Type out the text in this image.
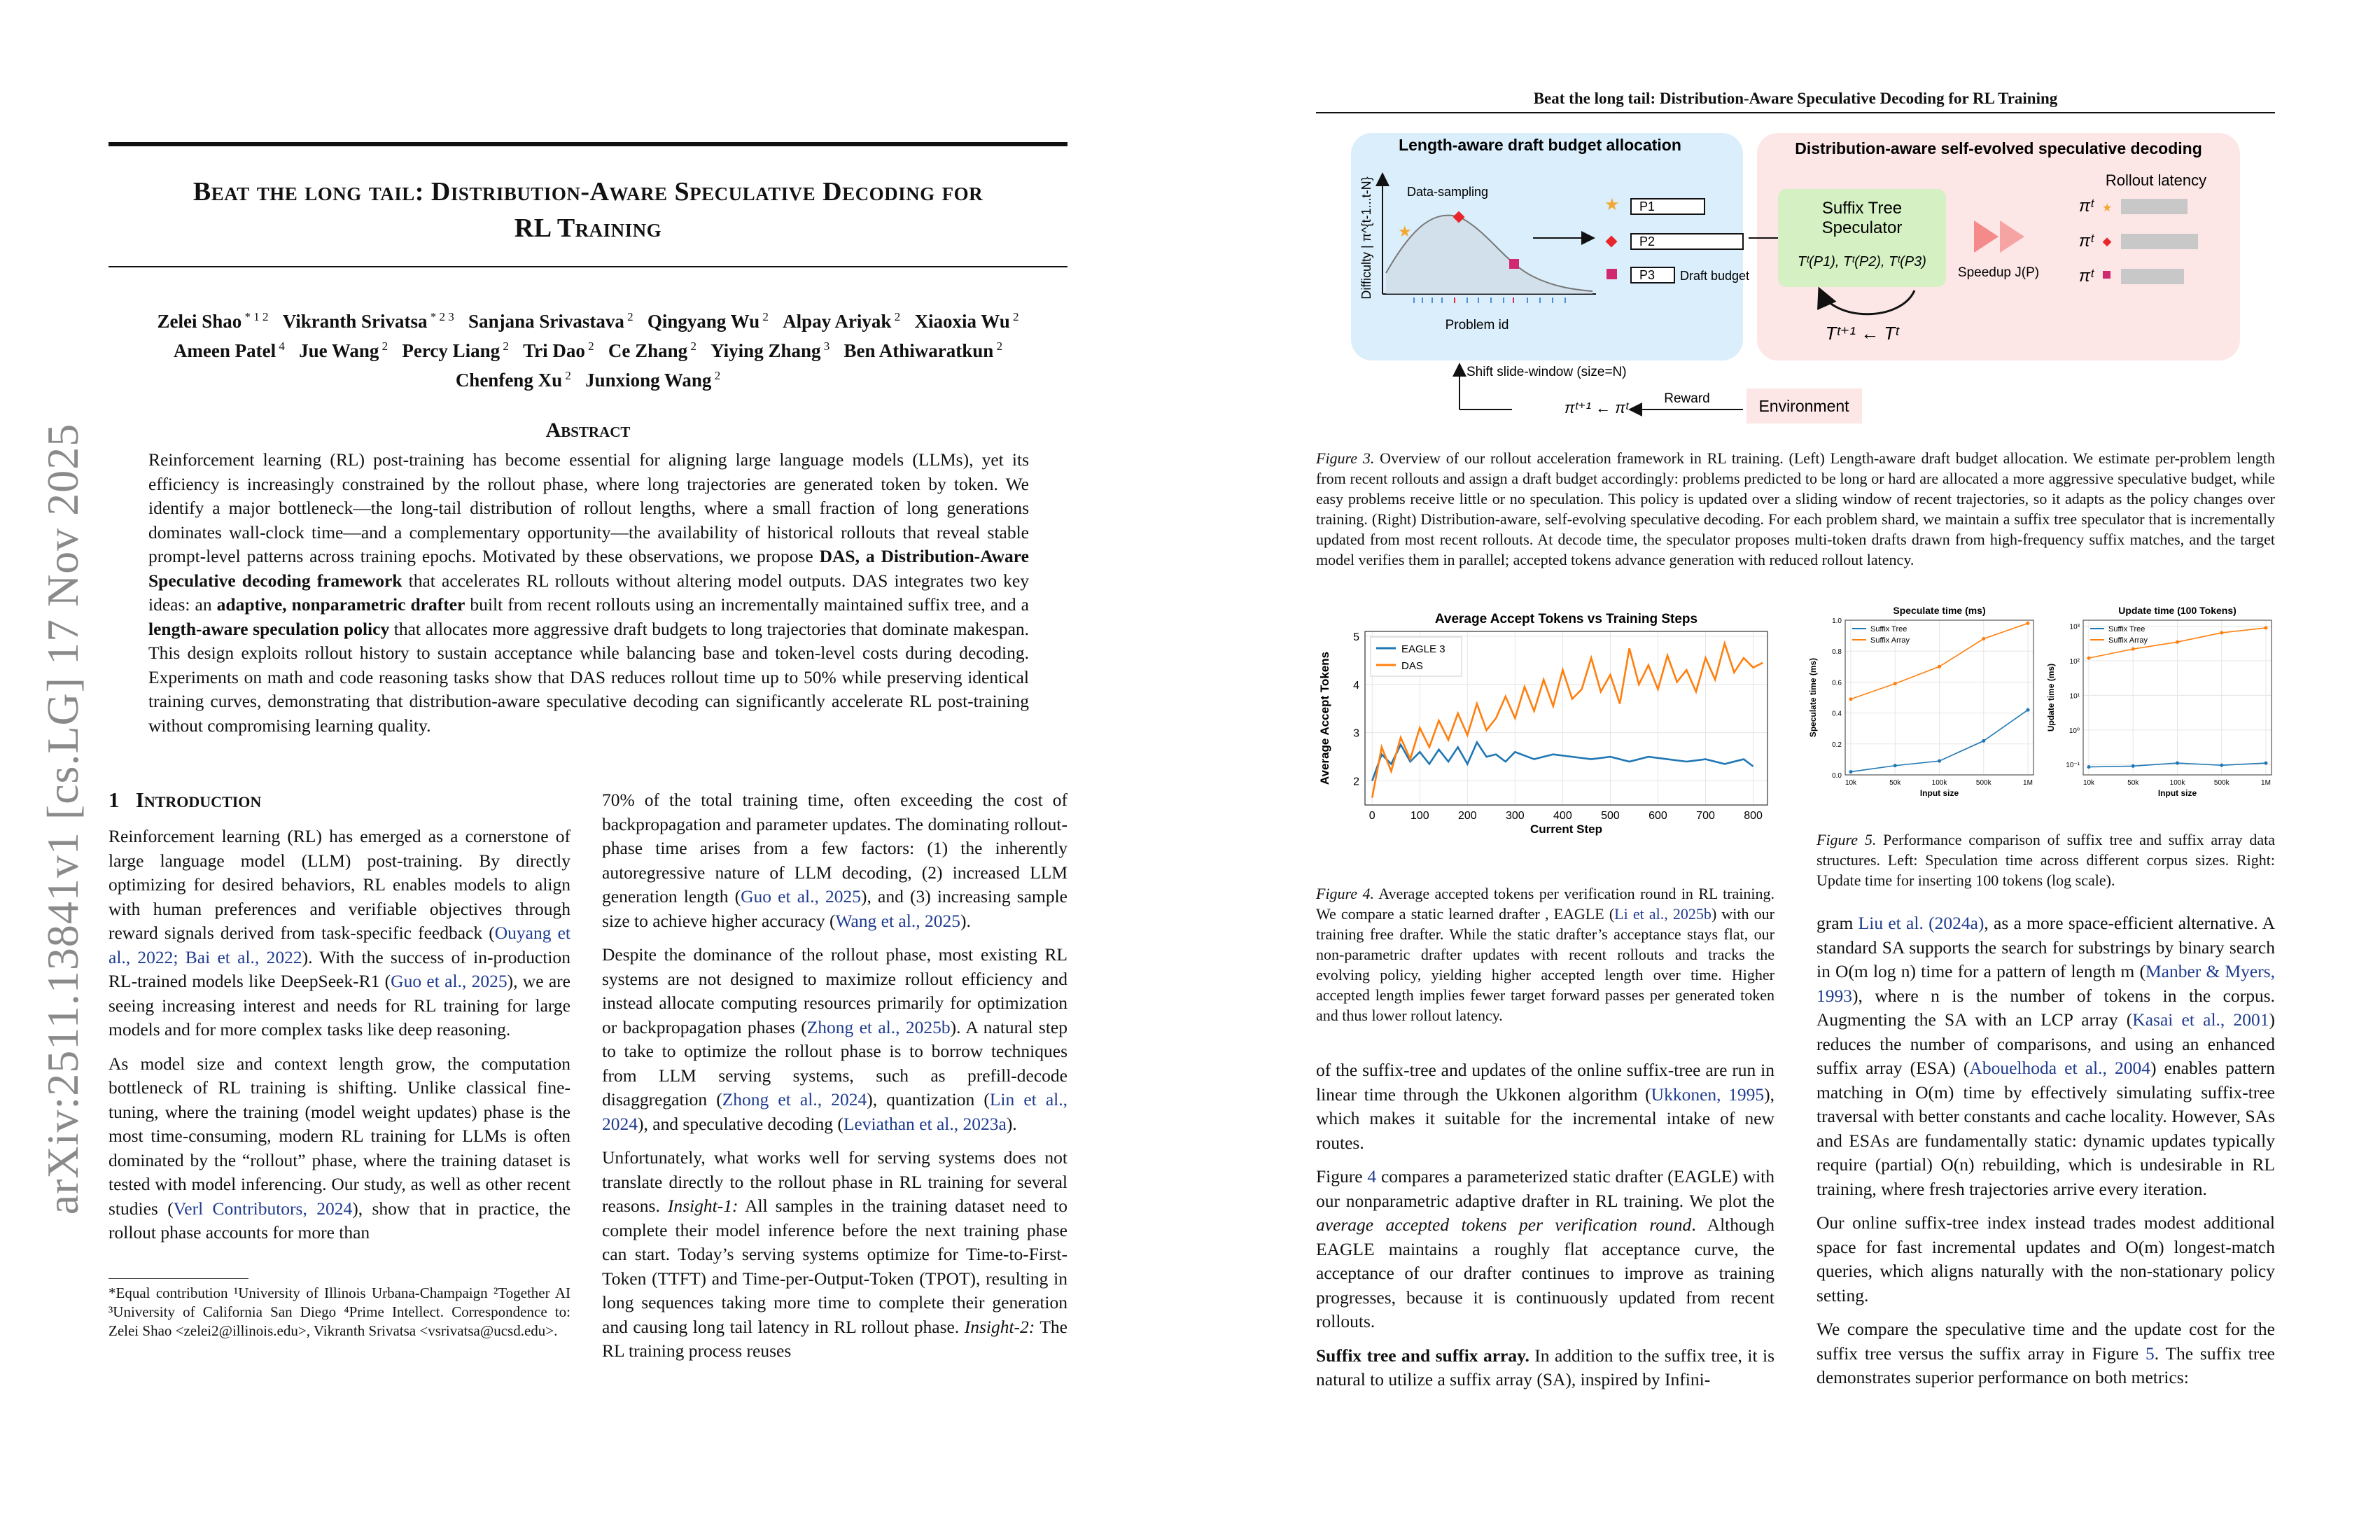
arXiv:2511.13841v1 [cs.LG] 17 Nov 2025
Beat the long tail: Distribution-Aware Speculative Decoding for
RL Training
Zelei Shao $^{* 1 2}$ Vikranth Srivatsa $^{* 2 3}$ Sanjana Srivastava $^2$ Qingyang Wu $^2$ Alpay Ariyak $^2$ Xiaoxia Wu $^2$
Ameen Patel $^4$ Jue Wang $^2$ Percy Liang $^2$ Tri Dao $^2$ Ce Zhang $^2$ Yiying Zhang $^3$ Ben Athiwaratkun $^2$
Chenfeng Xu $^2$ Junxiong Wang $^2$
Abstract
Reinforcement learning (RL) post-training has become essential for aligning large language models (LLMs), yet its efficiency is increasingly constrained by the rollout phase, where long trajectories are generated token by token. We identify a major bottleneck—the long-tail distribution of rollout lengths, where a small fraction of long generations dominates wall-clock time—and a complementary opportunity—the availability of historical rollouts that reveal stable prompt-level patterns across training epochs. Motivated by these observations, we propose DAS, a Distribution-Aware Speculative decoding framework that accelerates RL rollouts without altering model outputs. DAS integrates two key ideas: an adaptive, nonparametric drafter built from recent rollouts using an incrementally maintained suffix tree, and a length-aware speculation policy that allocates more aggressive draft budgets to long trajectories that dominate makespan. This design exploits rollout history to sustain acceptance while balancing base and token-level costs during decoding. Experiments on math and code reasoning tasks show that DAS reduces rollout time up to 50% while preserving identical training curves, demonstrating that distribution-aware speculative decoding can significantly accelerate RL post-training without compromising learning quality.
1 Introduction

Reinforcement learning (RL) has emerged as a cornerstone of large language model (LLM) post-training. By directly optimizing for desired behaviors, RL enables models to align with human preferences and verifiable objectives through reward signals derived from task-specific feedback (Ouyang et al., 2022; Bai et al., 2022). With the success of in-production RL-trained models like DeepSeek-R1 (Guo et al., 2025), we are seeing increasing interest and needs for RL training for large models and for more complex tasks like deep reasoning.

As model size and context length grow, the computation bottleneck of RL training is shifting. Unlike classical fine-tuning, where the training (model weight updates) phase is the most time-consuming, modern RL training for LLMs is often dominated by the “rollout” phase, where the training dataset is tested with model inferencing. Our study, as well as other recent studies (Verl Contributors, 2024), show that in practice, the rollout phase accounts for more than

*Equal contribution ¹University of Illinois Urbana-Champaign ²Together AI ³University of California San Diego ⁴Prime Intellect. Correspondence to: Zelei Shao <zelei2@illinois.edu>, Vikranth Srivatsa <vsrivatsa@ucsd.edu>.

70% of the total training time, often exceeding the cost of backpropagation and parameter updates. The dominating rollout-phase time arises from a few factors: (1) the inherently autoregressive nature of LLM decoding, (2) increased LLM generation length (Guo et al., 2025), and (3) increasing sample size to achieve higher accuracy (Wang et al., 2025).

Despite the dominance of the rollout phase, most existing RL systems are not designed to maximize rollout efficiency and instead allocate computing resources primarily for optimization or backpropagation phases (Zhong et al., 2025b). A natural step to take to optimize the rollout phase is to borrow techniques from LLM serving systems, such as prefill-decode disaggregation (Zhong et al., 2024), quantization (Lin et al., 2024), and speculative decoding (Leviathan et al., 2023a).

Unfortunately, what works well for serving systems does not translate directly to the rollout phase in RL training for several reasons. Insight-1: All samples in the training dataset need to complete their model inference before the next training phase can start. Today’s serving systems optimize for Time-to-First-Token (TTFT) and Time-per-Output-Token (TPOT), resulting in long sequences taking more time to complete their generation and causing long tail latency in RL rollout phase. Insight-2: The RL training process reuses

Beat the long tail: Distribution-Aware Speculative Decoding for RL Training
Length-aware draft budget allocation	Distribution-aware self-evolved speculative decoding
Difficulty | π^{t-1...t-N}	Data-sampling
★
Problem id
★ P1
P2
P3 Draft budget
Suffix Tree
Speculator
Tᵗ(P1), Tᵗ(P2), Tᵗ(P3)
Tᵗ⁺¹ ← Tᵗ
Speedup J(P)
Rollout latency
πᵗ ★
πᵗ
πᵗ
Shift slide-window (size=N)
πᵗ⁺¹ ← πᵗ
Reward	Environment
Figure 3. Overview of our rollout acceleration framework in RL training. (Left) Length-aware draft budget allocation. We estimate per-problem length from recent rollouts and assign a draft budget accordingly: problems predicted to be long or hard are allocated a more aggressive speculative budget, while easy problems receive little or no speculation. This policy is updated over a sliding window of recent trajectories, so it adapts as the policy changes over training. (Right) Distribution-aware, self-evolving speculative decoding. For each problem shard, we maintain a suffix tree speculator that is incrementally updated from most recent rollouts. At decode time, the speculator proposes multi-token drafts drawn from high-frequency suffix matches, and the target model verifies them in parallel; accepted tokens advance generation with reduced rollout latency.
Average Accept Tokens vs Training Steps
2
3
4
5
0	100	200	300	400	500	600	700	800
Current Step
Average Accept Tokens
EAGLE 3
DAS
Figure 4. Average accepted tokens per verification round in RL training. We compare a static learned drafter , EAGLE (Li et al., 2025b) with our training free drafter. While the static drafter’s acceptance stays flat, our non-parametric drafter updates with recent rollouts and tracks the evolving policy, yielding higher accepted length over time. Higher accepted length implies fewer target forward passes per generated token and thus lower rollout latency.
Speculate time (ms)
0.0
0.2
0.4
0.6
0.8
1.0
10k	50k	100k	500k	1M
Input size
Speculate time (ms)
Suffix Tree
Suffix Array
Update time (100 Tokens)
10⁻¹
10⁰
10¹
10²
10³
10k	50k	100k	500k	1M
Input size
Update time (ms)
Suffix Tree
Suffix Array
Figure 5. Performance comparison of suffix tree and suffix array data structures. Left: Speculation time across different corpus sizes. Right: Update time for inserting 100 tokens (log scale).

of the suffix-tree and updates of the online suffix-tree are run in linear time through the Ukkonen algorithm (Ukkonen, 1995), which makes it suitable for the incremental intake of new routes.

Figure 4 compares a parameterized static drafter (EAGLE) with our nonparametric adaptive drafter in RL training. We plot the average accepted tokens per verification round. Although EAGLE maintains a roughly flat acceptance curve, the acceptance of our drafter continues to improve as training progresses, because it is continuously updated from recent rollouts.

Suffix tree and suffix array. In addition to the suffix tree, it is natural to utilize a suffix array (SA), inspired by Infini-

gram Liu et al. (2024a), as a more space-efficient alternative. A standard SA supports the search for substrings by binary search in O(m log n) time for a pattern of length m (Manber & Myers, 1993), where n is the number of tokens in the corpus. Augmenting the SA with an LCP array (Kasai et al., 2001) reduces the number of comparisons, and using an enhanced suffix array (ESA) (Abouelhoda et al., 2004) enables pattern matching in O(m) time by effectively simulating suffix-tree traversal with better constants and cache locality. However, SAs and ESAs are fundamentally static: dynamic updates typically require (partial) O(n) rebuilding, which is undesirable in RL training, where fresh trajectories arrive every iteration.

Our online suffix-tree index instead trades modest additional space for fast incremental updates and O(m) longest-match queries, which aligns naturally with the non-stationary policy setting.

We compare the speculative time and the update cost for the suffix tree versus the suffix array in Figure 5. The suffix tree demonstrates superior performance on both metrics:
